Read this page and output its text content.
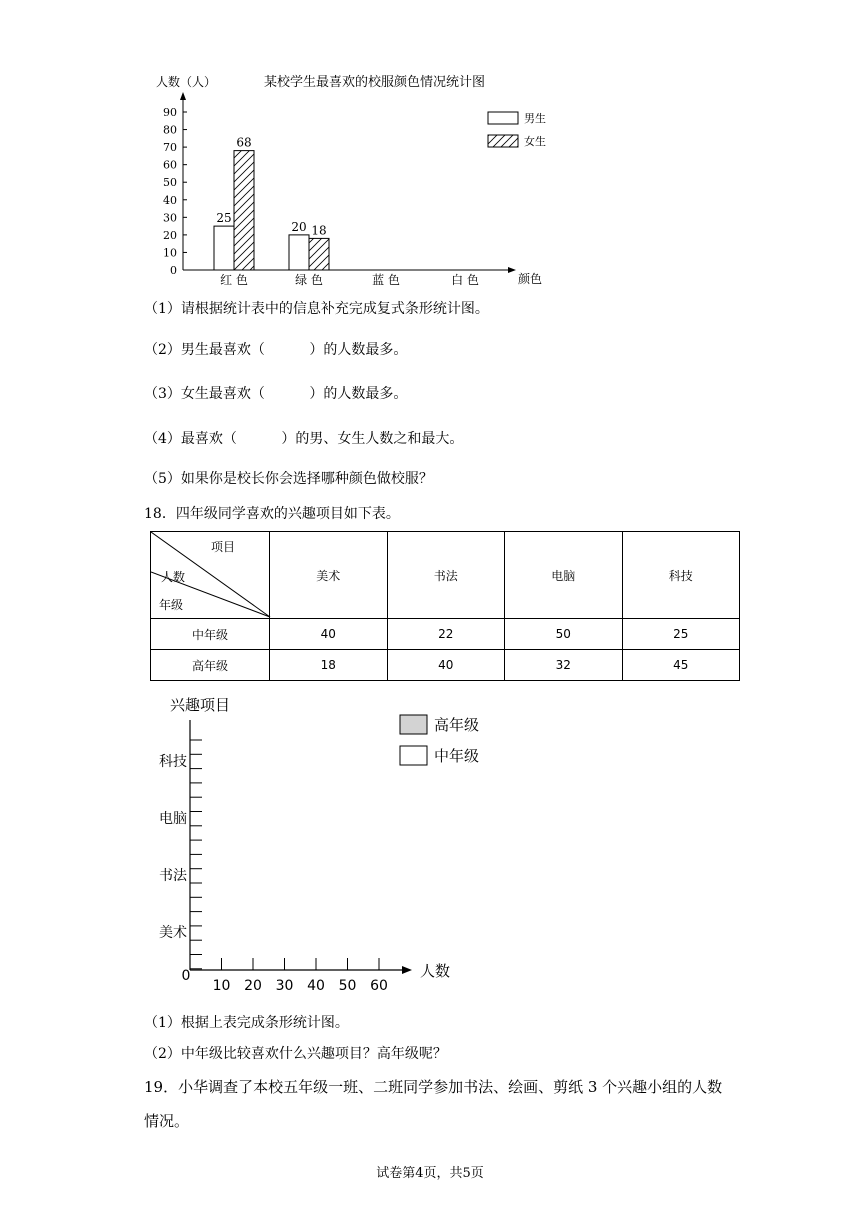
人数（人）	某校学生最喜欢的校服颜色情况统计图
0
10
20
30
40
50
60
70
80
90
25
68
20 18
红 色	绿 色	蓝 色	白 色	颜色
男生
女生
（1）请根据统计表中的信息补充完成复式条形统计图。
（2）男生最喜欢（          ）的人数最多。
（3）女生最喜欢（          ）的人数最多。
（4）最喜欢（          ）的男、女生人数之和最大。
（5）如果你是校长你会选择哪种颜色做校服？
18．四年级同学喜欢的兴趣项目如下表。
项目
人数
年级	美术	书法	电脑	科技
中年级	40	22	50	25
高年级	18	40	32	45
兴趣项目
人数
美术
书法
电脑
科技
0
10 20 30 40 50 60
高年级
中年级
（1）根据上表完成条形统计图。
（2）中年级比较喜欢什么兴趣项目？高年级呢？
19．小华调查了本校五年级一班、二班同学参加书法、绘画、剪纸 3 个兴趣小组的人数
情况。
试卷第4页，共5页
